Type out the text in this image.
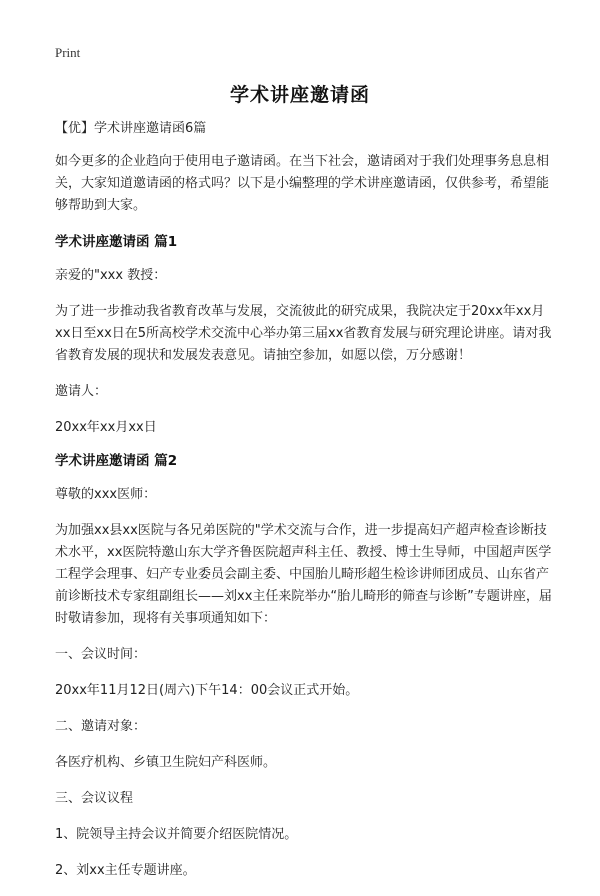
Print
学术讲座邀请函

【优】学术讲座邀请函6篇

如今更多的企业趋向于使用电子邀请函。在当下社会，邀请函对于我们处理事务息息相关，大家知道邀请函的格式吗？以下是小编整理的学术讲座邀请函，仅供参考，希望能够帮助到大家。

学术讲座邀请函 篇1

亲爱的"xxx 教授：

为了进一步推动我省教育改革与发展，交流彼此的研究成果，我院决定于20xx年xx月xx日至xx日在5所高校学术交流中心举办第三届xx省教育发展与研究理论讲座。请对我省教育发展的现状和发展发表意见。请抽空参加，如愿以偿，万分感谢！

邀请人：

20xx年xx月xx日

学术讲座邀请函 篇2

尊敬的xxx医师：

为加强xx县xx医院与各兄弟医院的"学术交流与合作，进一步提高妇产超声检查诊断技术水平，xx医院特邀山东大学齐鲁医院超声科主任、教授、博士生导师，中国超声医学工程学会理事、妇产专业委员会副主委、中国胎儿畸形超生检诊讲师团成员、山东省产前诊断技术专家组副组长——刘xx主任来院举办“胎儿畸形的筛查与诊断”专题讲座，届时敬请参加，现将有关事项通知如下：

一、会议时间：

20xx年11月12日(周六)下午14：00会议正式开始。

二、邀请对象：

各医疗机构、乡镇卫生院妇产科医师。

三、会议议程

1、院领导主持会议并简要介绍医院情况。

2、刘xx主任专题讲座。
